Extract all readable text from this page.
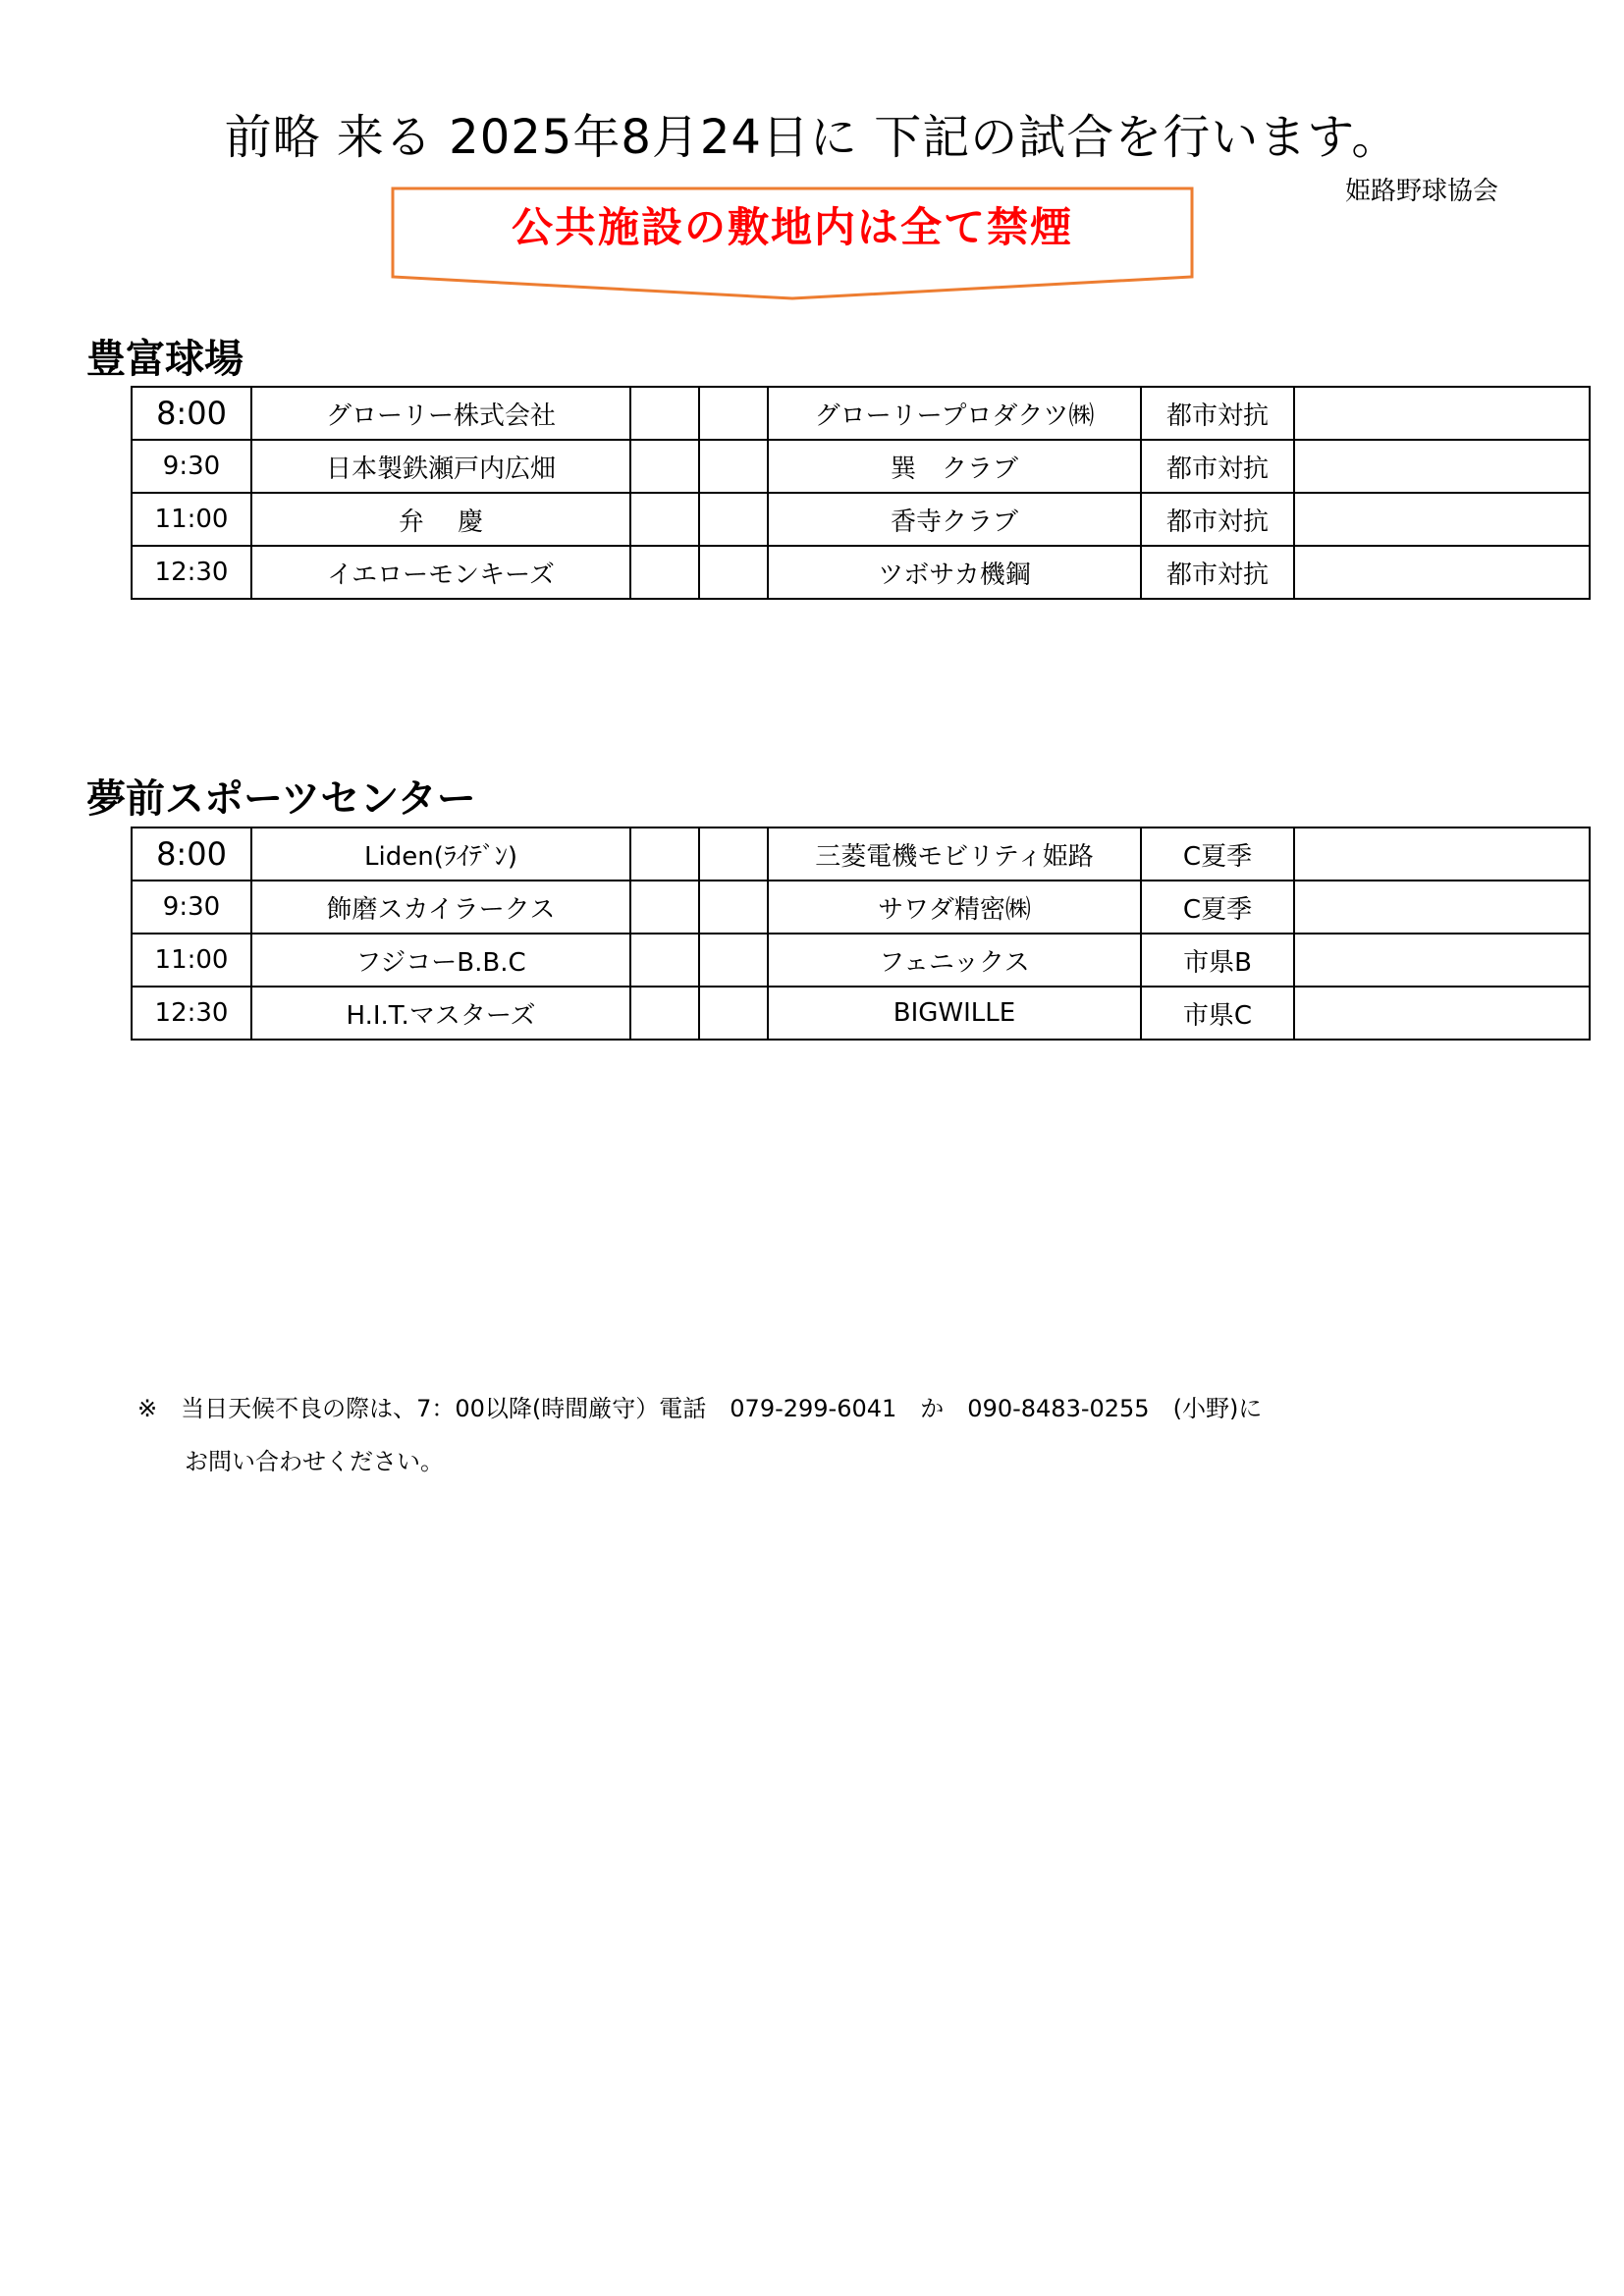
前略 来る 2025年8月24日に 下記の試合を行います。
姫路野球協会
公共施設の敷地内は全て禁煙
豊富球場
8:00	グローリー株式会社			グローリープロダクツ㈱	都市対抗	
9:30	日本製鉄瀬戸内広畑			巽　クラブ	都市対抗	
11:00	弁　 慶			香寺クラブ	都市対抗	
12:30	イエローモンキーズ			ツボサカ機鋼	都市対抗	
夢前スポーツセンター
8:00	Liden(ﾗｲﾃﾞﾝ)			三菱電機モビリティ姫路	C夏季	
9:30	飾磨スカイラークス			サワダ精密㈱	C夏季	
11:00	フジコーB.B.C			フェニックス	市県B	
12:30	H.I.T.マスターズ			BIGWILLE	市県C	
※　当日天候不良の際は、7：00以降(時間厳守）電話　079-299-6041　か　090-8483-0255　(小野)に
お問い合わせください。
